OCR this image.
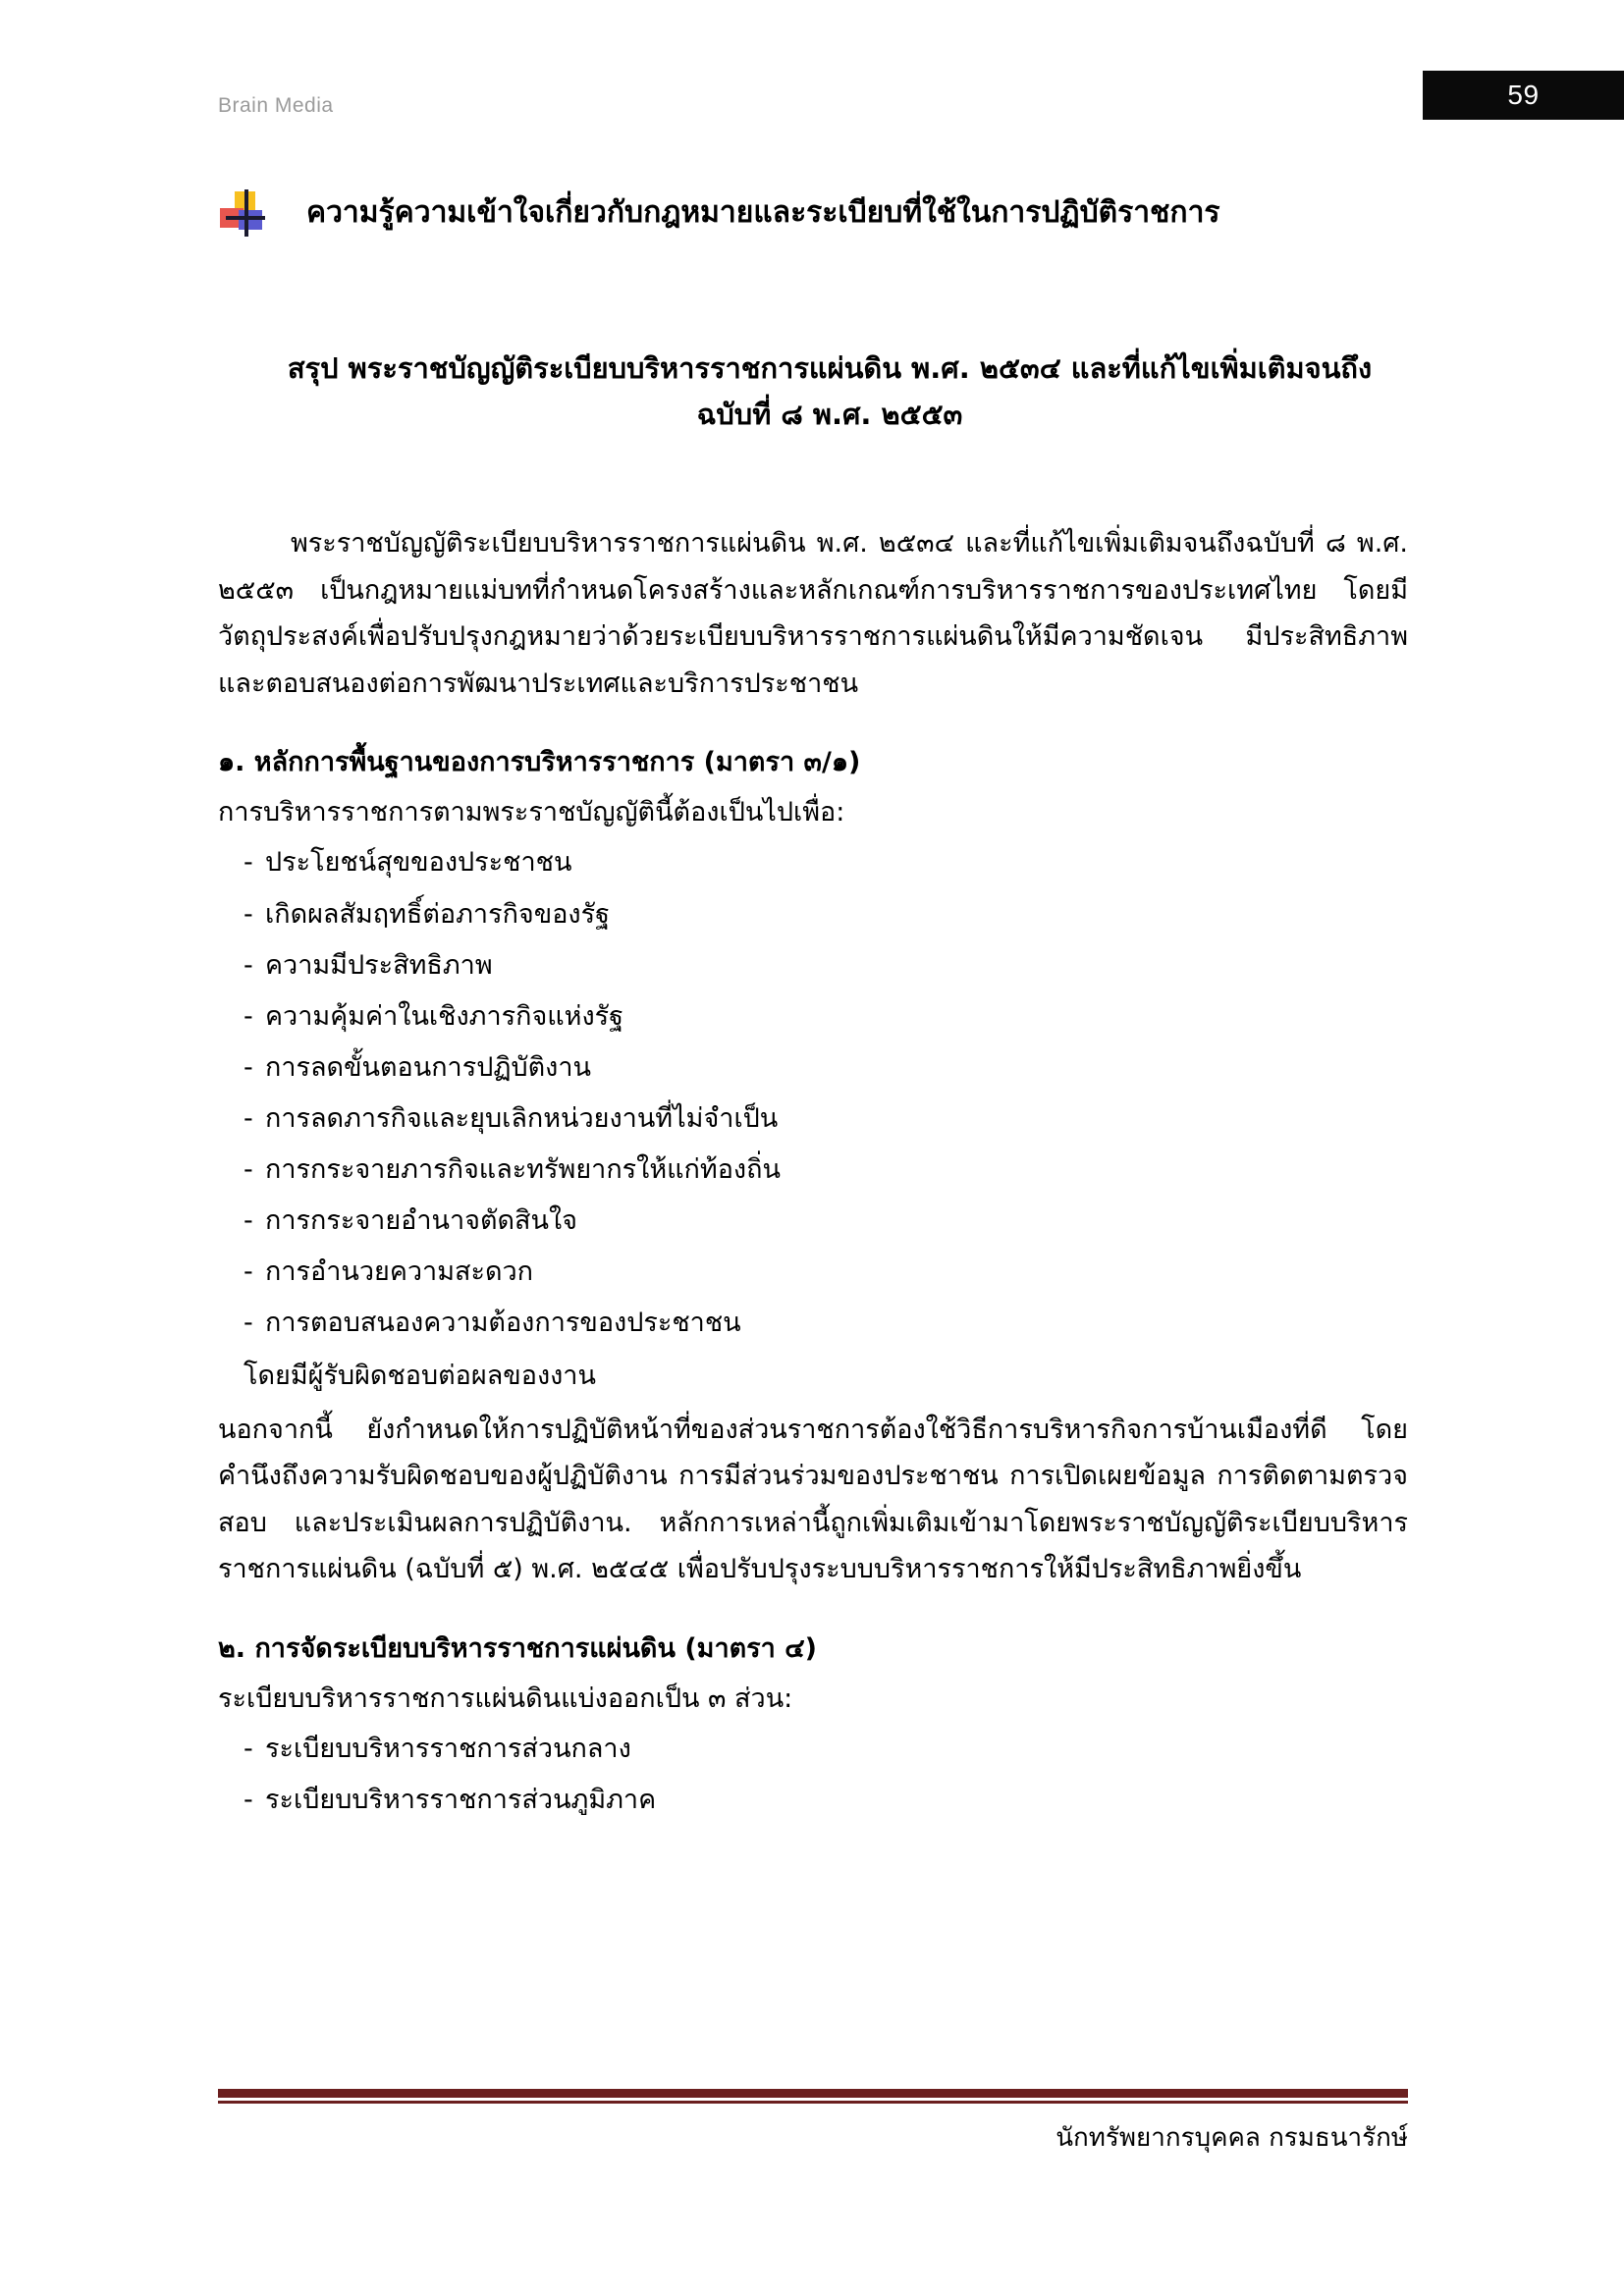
Brain Media	59
ความรู้ความเข้าใจเกี่ยวกับกฎหมายและระเบียบที่ใช้ในการปฏิบัติราชการ
สรุป พระราชบัญญัติระเบียบบริหารราชการแผ่นดิน พ.ศ. ๒๕๓๔ และที่แก้ไขเพิ่มเติมจนถึง
ฉบับที่ ๘ พ.ศ. ๒๕๕๓

พระราชบัญญัติระเบียบบริหารราชการแผ่นดิน พ.ศ. ๒๕๓๔ และที่แก้ไขเพิ่มเติมจนถึงฉบับที่ ๘ พ.ศ. ๒๕๕๓ เป็นกฎหมายแม่บทที่กำหนดโครงสร้างและหลักเกณฑ์การบริหารราชการของประเทศไทย โดยมีวัตถุประสงค์เพื่อปรับปรุงกฎหมายว่าด้วยระเบียบบริหารราชการแผ่นดินให้มีความชัดเจน มีประสิทธิภาพ และตอบสนองต่อการพัฒนาประเทศและบริการประชาชน

๑. หลักการพื้นฐานของการบริหารราชการ (มาตรา ๓/๑)

การบริหารราชการตามพระราชบัญญัตินี้ต้องเป็นไปเพื่อ:

- ประโยชน์สุขของประชาชน
- เกิดผลสัมฤทธิ์ต่อภารกิจของรัฐ
- ความมีประสิทธิภาพ
- ความคุ้มค่าในเชิงภารกิจแห่งรัฐ
- การลดขั้นตอนการปฏิบัติงาน
- การลดภารกิจและยุบเลิกหน่วยงานที่ไม่จำเป็น
- การกระจายภารกิจและทรัพยากรให้แก่ท้องถิ่น
- การกระจายอำนาจตัดสินใจ
- การอำนวยความสะดวก
- การตอบสนองความต้องการของประชาชน

โดยมีผู้รับผิดชอบต่อผลของงาน

นอกจากนี้ ยังกำหนดให้การปฏิบัติหน้าที่ของส่วนราชการต้องใช้วิธีการบริหารกิจการบ้านเมืองที่ดี โดยคำนึงถึงความรับผิดชอบของผู้ปฏิบัติงาน การมีส่วนร่วมของประชาชน การเปิดเผยข้อมูล การติดตามตรวจสอบ และประเมินผลการปฏิบัติงาน. หลักการเหล่านี้ถูกเพิ่มเติมเข้ามาโดยพระราชบัญญัติระเบียบบริหารราชการแผ่นดิน (ฉบับที่ ๕) พ.ศ. ๒๕๔๕ เพื่อปรับปรุงระบบบริหารราชการให้มีประสิทธิภาพยิ่งขึ้น

๒. การจัดระเบียบบริหารราชการแผ่นดิน (มาตรา ๔)

ระเบียบบริหารราชการแผ่นดินแบ่งออกเป็น ๓ ส่วน:

- ระเบียบบริหารราชการส่วนกลาง
- ระเบียบบริหารราชการส่วนภูมิภาค
นักทรัพยากรบุคคล กรมธนารักษ์
